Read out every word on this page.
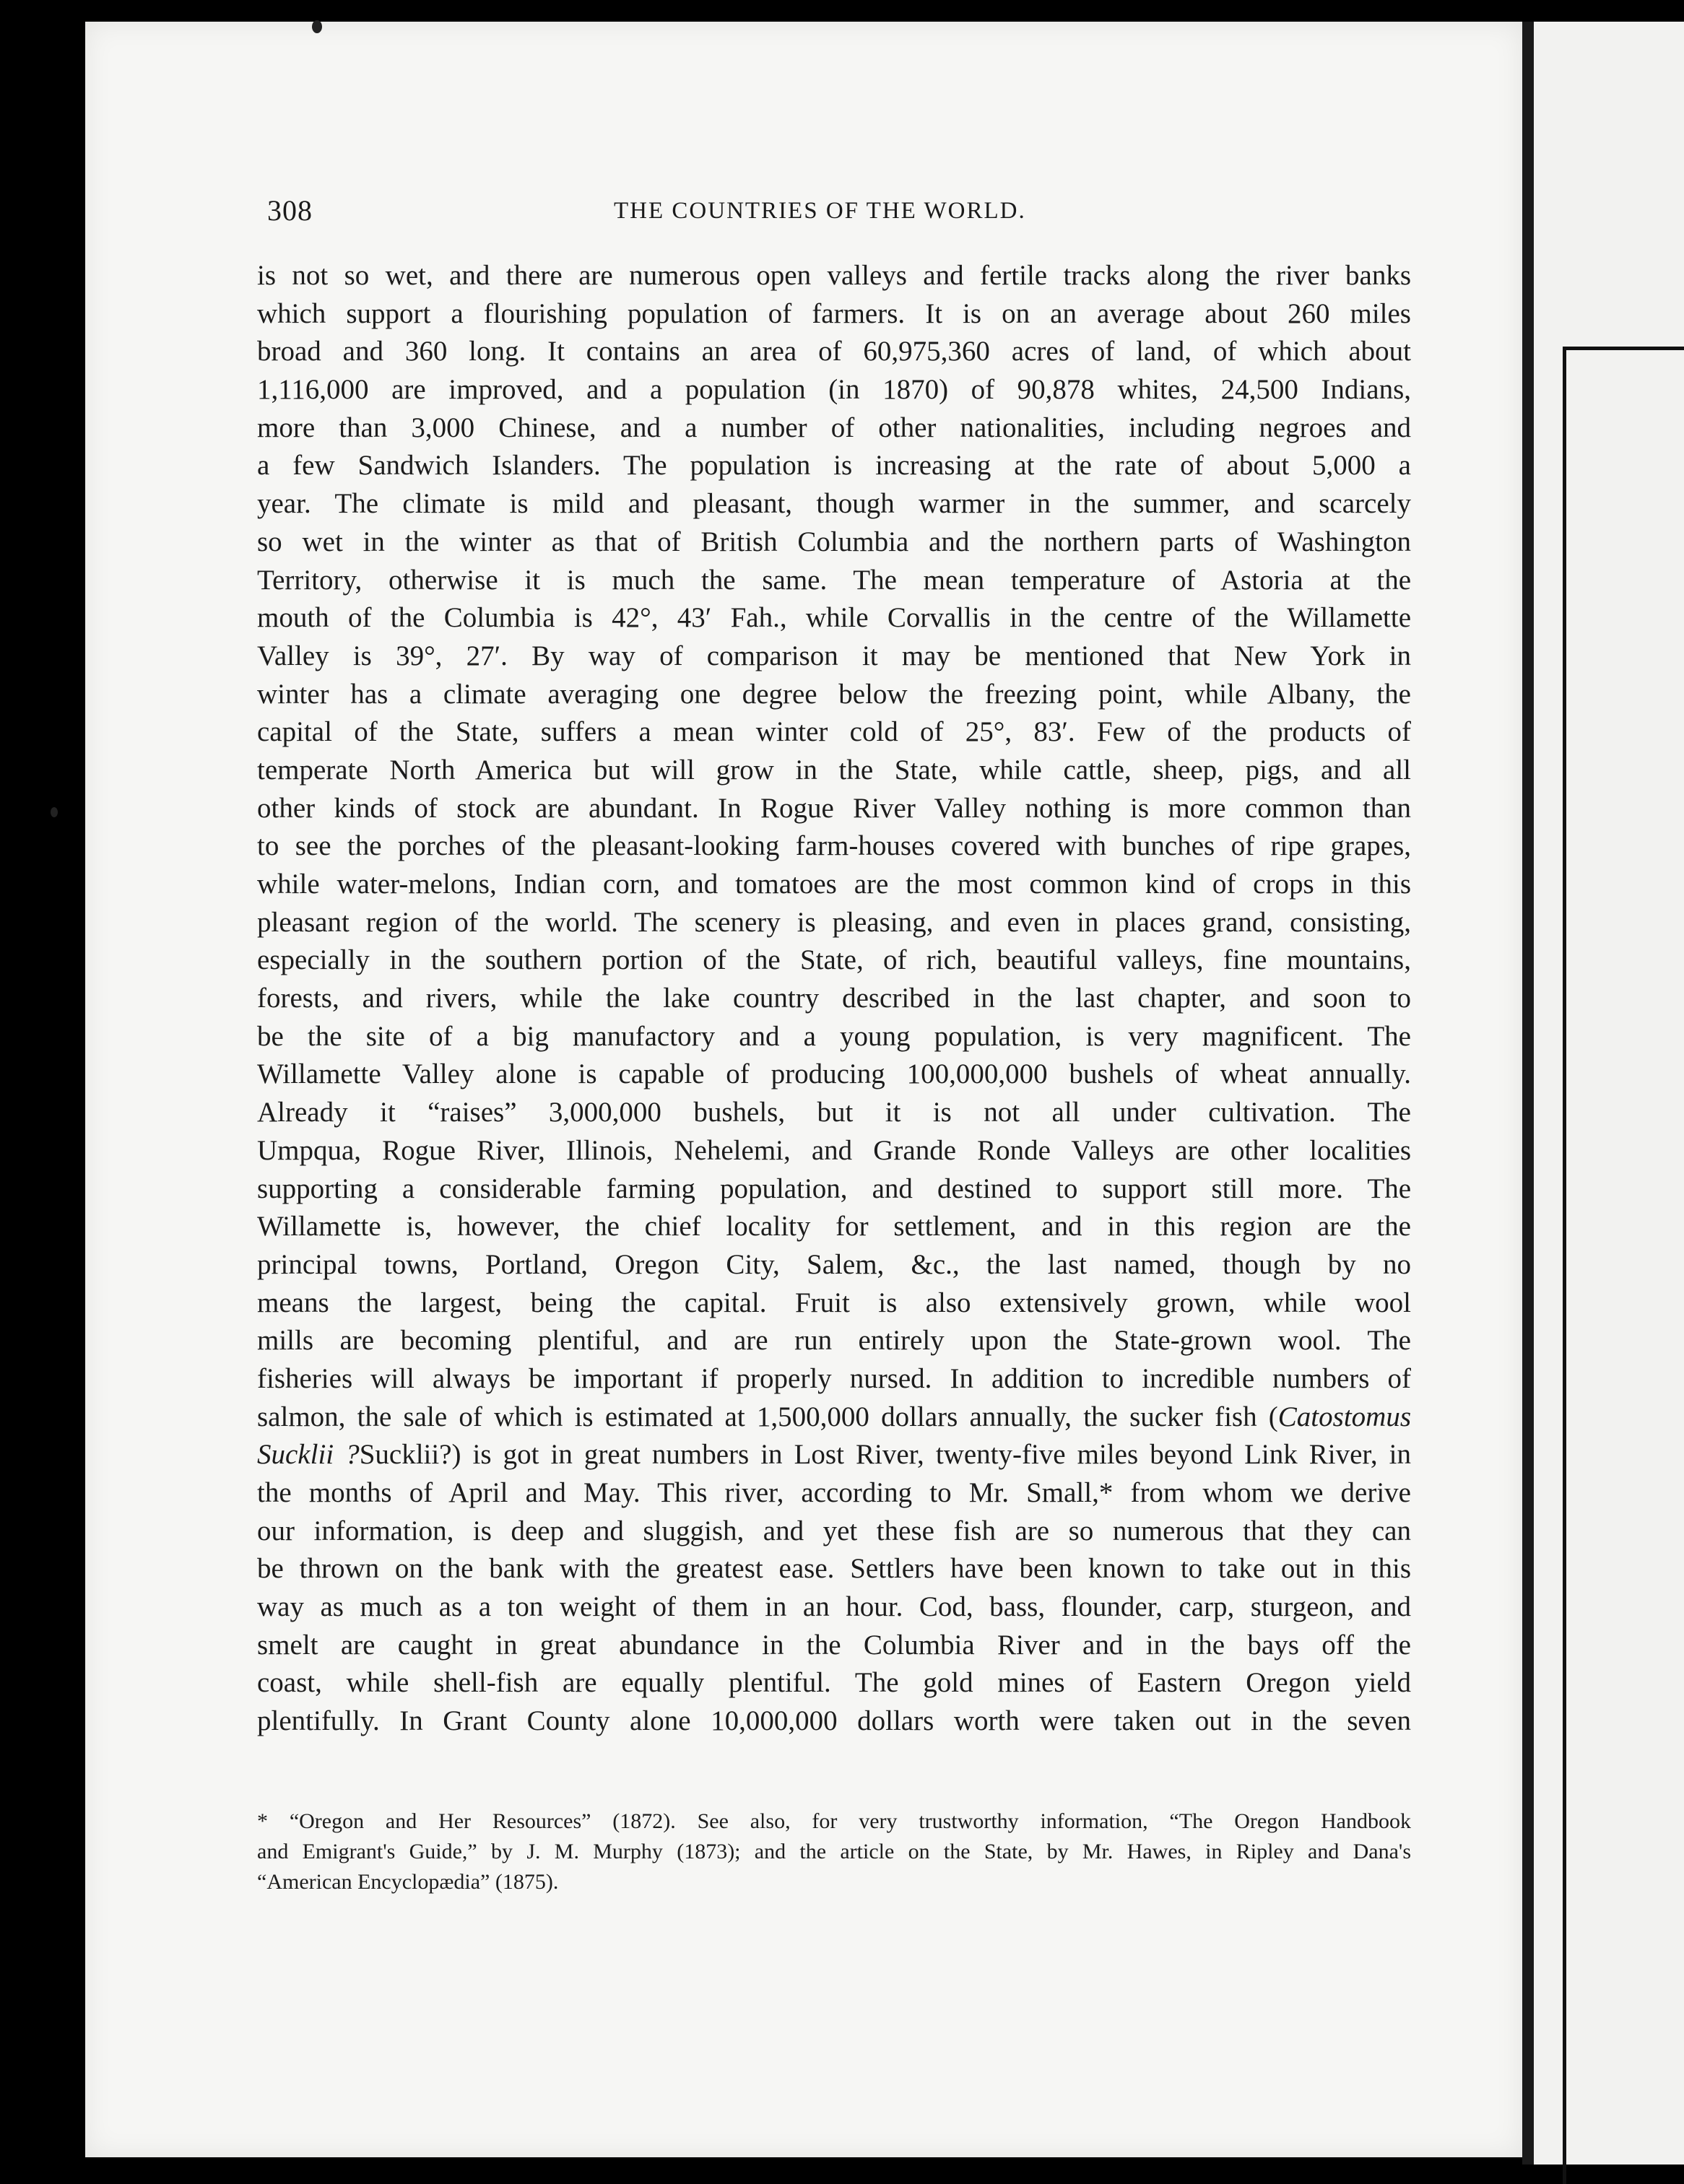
308	THE COUNTRIES OF THE WORLD.
is not so wet, and there are numerous open valleys and fertile tracks along the river banks
which support a flourishing population of farmers. It is on an average about 260 miles
broad and 360 long. It contains an area of 60,975,360 acres of land, of which about
1,116,000 are improved, and a population (in 1870) of 90,878 whites, 24,500 Indians,
more than 3,000 Chinese, and a number of other nationalities, including negroes and
a few Sandwich Islanders. The population is increasing at the rate of about 5,000 a
year. The climate is mild and pleasant, though warmer in the summer, and scarcely
so wet in the winter as that of British Columbia and the northern parts of Washington
Territory, otherwise it is much the same. The mean temperature of Astoria at the
mouth of the Columbia is 42°, 43′ Fah., while Corvallis in the centre of the Willamette
Valley is 39°, 27′. By way of comparison it may be mentioned that New York in
winter has a climate averaging one degree below the freezing point, while Albany, the
capital of the State, suffers a mean winter cold of 25°, 83′. Few of the products of
temperate North America but will grow in the State, while cattle, sheep, pigs, and all
other kinds of stock are abundant. In Rogue River Valley nothing is more common than
to see the porches of the pleasant-looking farm-houses covered with bunches of ripe grapes,
while water-melons, Indian corn, and tomatoes are the most common kind of crops in this
pleasant region of the world. The scenery is pleasing, and even in places grand, consisting,
especially in the southern portion of the State, of rich, beautiful valleys, fine mountains,
forests, and rivers, while the lake country described in the last chapter, and soon to
be the site of a big manufactory and a young population, is very magnificent. The
Willamette Valley alone is capable of producing 100,000,000 bushels of wheat annually.
Already it “raises” 3,000,000 bushels, but it is not all under cultivation. The
Umpqua, Rogue River, Illinois, Nehelemi, and Grande Ronde Valleys are other localities
supporting a considerable farming population, and destined to support still more. The
Willamette is, however, the chief locality for settlement, and in this region are the
principal towns, Portland, Oregon City, Salem, &c., the last named, though by no
means the largest, being the capital. Fruit is also extensively grown, while wool
mills are becoming plentiful, and are run entirely upon the State-grown wool. The
fisheries will always be important if properly nursed. In addition to incredible numbers of
salmon, the sale of which is estimated at 1,500,000 dollars annually, the sucker fish (Catostomus
Sucklii ?Sucklii?) is got in great numbers in Lost River, twenty-five miles beyond Link River, in
the months of April and May. This river, according to Mr. Small,* from whom we derive
our information, is deep and sluggish, and yet these fish are so numerous that they can
be thrown on the bank with the greatest ease. Settlers have been known to take out in this
way as much as a ton weight of them in an hour. Cod, bass, flounder, carp, sturgeon, and
smelt are caught in great abundance in the Columbia River and in the bays off the
coast, while shell-fish are equally plentiful. The gold mines of Eastern Oregon yield
plentifully. In Grant County alone 10,000,000 dollars worth were taken out in the seven
* “Oregon and Her Resources” (1872). See also, for very trustworthy information, “The Oregon Handbook
and Emigrant's Guide,” by J. M. Murphy (1873); and the article on the State, by Mr. Hawes, in Ripley and Dana's
“American Encyclopædia” (1875).
